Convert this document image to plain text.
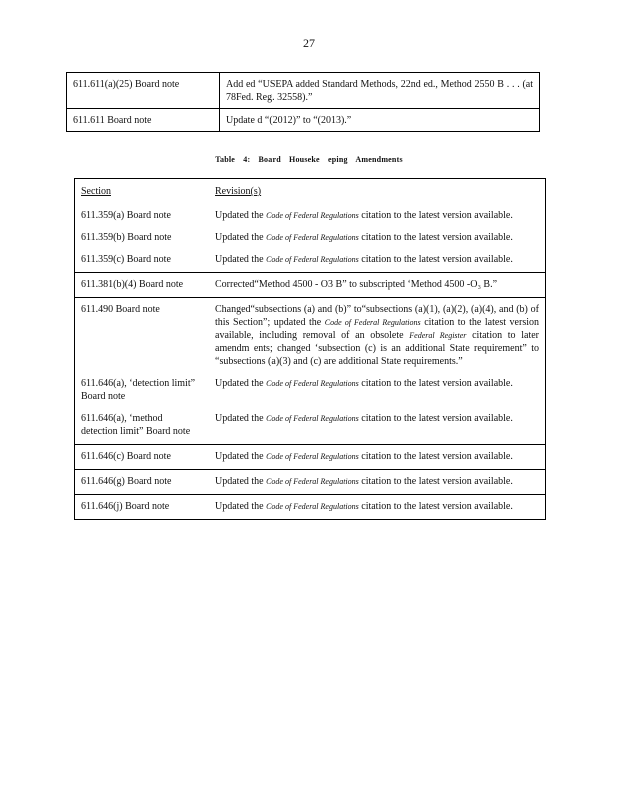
27
611.611(a)(25) Board note	Add ed “USEPA added Standard Methods, 22nd ed., Method 2550 B . . . (at 78Fed. Reg. 32558).”
611.611 Board note	Update d “(2012)” to “(2013).”
Table 4: Board Houseke eping Amendments
Section	Revision(s)
611.359(a) Board note	Updated the Code of Federal Regulations citation to the latest version available.
611.359(b) Board note	Updated the Code of Federal Regulations citation to the latest version available.
611.359(c) Board note	Updated the Code of Federal Regulations citation to the latest version available.
611.381(b)(4) Board note	Corrected“Method 4500 - O3 B” to subscripted ‘Method 4500 -O₃ B.”
611.490 Board note	Changed“subsections (a) and (b)” to“subsections (a)(1), (a)(2), (a)(4), and (b) of this Section”; updated the Code of Federal Regulations citation to the latest version available, including removal of an obsolete Federal Register citation to later amendm ents; changed ‘subsection (c) is an additional State requirement” to “subsections (a)(3) and (c) are additional State requirements.”
611.646(a), ‘detection limit” Board note	Updated the Code of Federal Regulations citation to the latest version available.
611.646(a), ‘method detection limit” Board note	Updated the Code of Federal Regulations citation to the latest version available.
611.646(c) Board note	Updated the Code of Federal Regulations citation to the latest version available.
611.646(g) Board note	Updated the Code of Federal Regulations citation to the latest version available.
611.646(j) Board note	Updated the Code of Federal Regulations citation to the latest version available.
